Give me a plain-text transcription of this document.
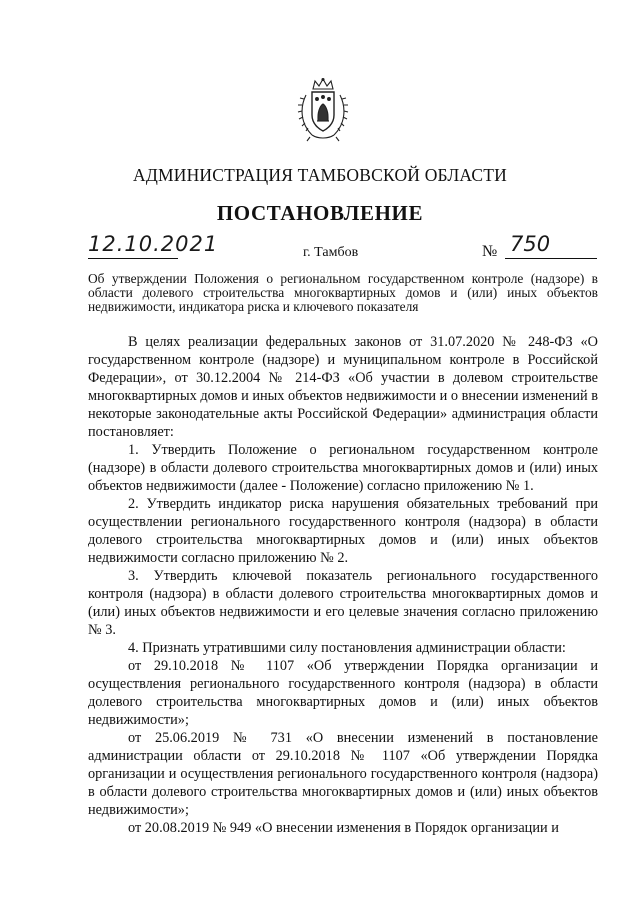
АДМИНИСТРАЦИЯ ТАМБОВСКОЙ ОБЛАСТИ
ПОСТАНОВЛЕНИЕ
12.10.2021	г. Тамбов	№ 750
Об утверждении Положения о региональном государственном контроле (надзоре) в области долевого строительства многоквартирных домов и (или) иных объектов недвижимости, индикатора риска и ключевого показателя

В целях реализации федеральных законов от 31.07.2020 № 248-ФЗ «О государственном контроле (надзоре) и муниципальном контроле в Российской Федерации», от 30.12.2004 № 214-ФЗ «Об участии в долевом строительстве многоквартирных домов и иных объектов недвижимости и о внесении изменений в некоторые законодательные акты Российской Федерации» администрация области постановляет:

1. Утвердить Положение о региональном государственном контроле (надзоре) в области долевого строительства многоквартирных домов и (или) иных объектов недвижимости (далее - Положение) согласно приложению № 1.

2. Утвердить индикатор риска нарушения обязательных требований при осуществлении регионального государственного контроля (надзора) в области долевого строительства многоквартирных домов и (или) иных объектов недвижимости согласно приложению № 2.

3. Утвердить ключевой показатель регионального государственного контроля (надзора) в области долевого строительства многоквартирных домов и (или) иных объектов недвижимости и его целевые значения согласно приложению № 3.

4. Признать утратившими силу постановления администрации области:

от 29.10.2018 № 1107 «Об утверждении Порядка организации и осуществления регионального государственного контроля (надзора) в области долевого строительства многоквартирных домов и (или) иных объектов недвижимости»;

от 25.06.2019 № 731 «О внесении изменений в постановление администрации области от 29.10.2018 № 1107 «Об утверждении Порядка организации и осуществления регионального государственного контроля (надзора) в области долевого строительства многоквартирных домов и (или) иных объектов недвижимости»;

от 20.08.2019 № 949 «О внесении изменения в Порядок организации и
